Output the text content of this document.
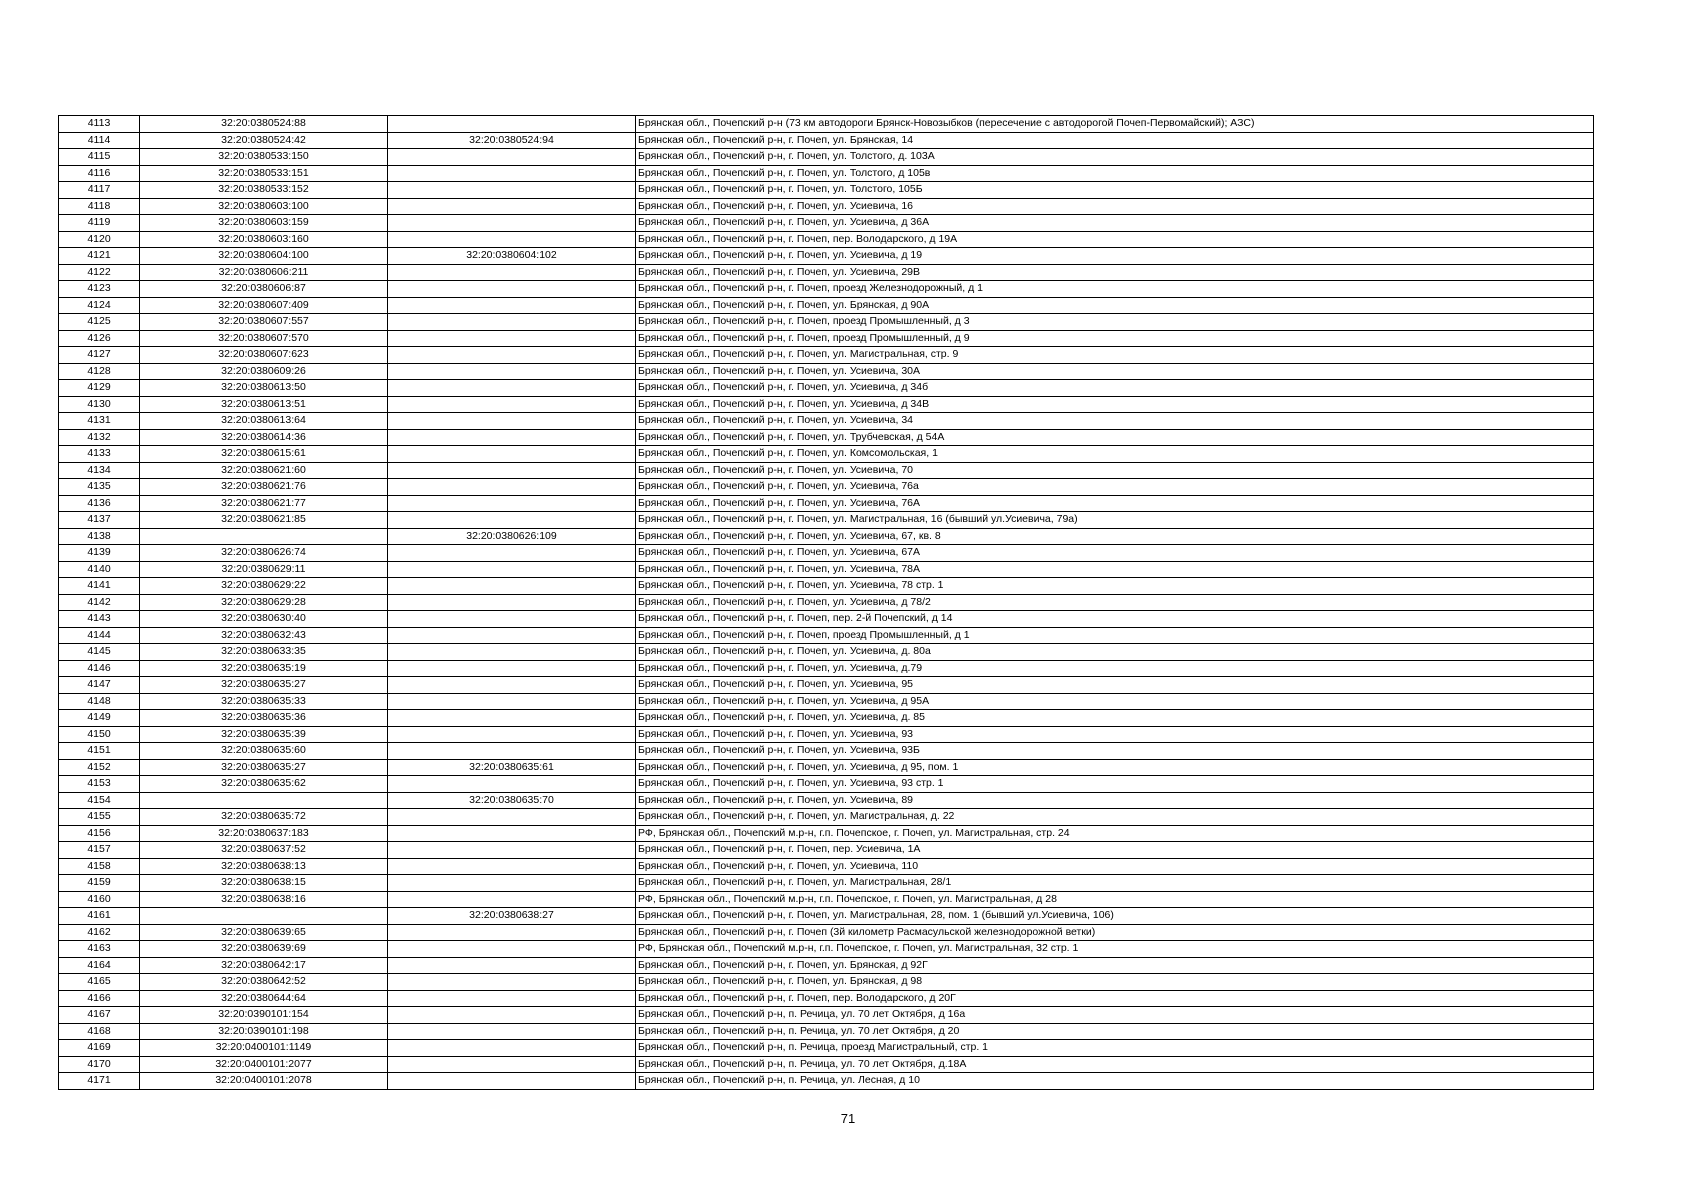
4113	32:20:0380524:88		Брянская обл., Почепский р-н (73 км автодороги Брянск-Новозыбков (пересечение с автодорогой Почеп-Первомайский); АЗС)
4114	32:20:0380524:42	32:20:0380524:94	Брянская обл., Почепский р-н, г. Почеп, ул. Брянская, 14
4115	32:20:0380533:150		Брянская обл., Почепский р-н, г. Почеп, ул. Толстого, д. 103А
4116	32:20:0380533:151		Брянская обл., Почепский р-н, г. Почеп, ул. Толстого, д 105в
4117	32:20:0380533:152		Брянская обл., Почепский р-н, г. Почеп, ул. Толстого, 105Б
4118	32:20:0380603:100		Брянская обл., Почепский р-н, г. Почеп, ул. Усиевича, 16
4119	32:20:0380603:159		Брянская обл., Почепский р-н, г. Почеп, ул. Усиевича, д 36А
4120	32:20:0380603:160		Брянская обл., Почепский р-н, г. Почеп, пер. Володарского, д 19А
4121	32:20:0380604:100	32:20:0380604:102	Брянская обл., Почепский р-н, г. Почеп, ул. Усиевича, д 19
4122	32:20:0380606:211		Брянская обл., Почепский р-н, г. Почеп, ул. Усиевича, 29В
4123	32:20:0380606:87		Брянская обл., Почепский р-н, г. Почеп, проезд Железнодорожный, д 1
4124	32:20:0380607:409		Брянская обл., Почепский р-н, г. Почеп, ул. Брянская, д 90А
4125	32:20:0380607:557		Брянская обл., Почепский р-н, г. Почеп, проезд Промышленный, д 3
4126	32:20:0380607:570		Брянская обл., Почепский р-н, г. Почеп, проезд Промышленный, д 9
4127	32:20:0380607:623		Брянская обл., Почепский р-н, г. Почеп, ул. Магистральная, стр. 9
4128	32:20:0380609:26		Брянская обл., Почепский р-н, г. Почеп, ул. Усиевича, 30А
4129	32:20:0380613:50		Брянская обл., Почепский р-н, г. Почеп, ул. Усиевича, д 34б
4130	32:20:0380613:51		Брянская обл., Почепский р-н, г. Почеп, ул. Усиевича, д 34В
4131	32:20:0380613:64		Брянская обл., Почепский р-н, г. Почеп, ул. Усиевича, 34
4132	32:20:0380614:36		Брянская обл., Почепский р-н, г. Почеп, ул. Трубчевская, д 54А
4133	32:20:0380615:61		Брянская обл., Почепский р-н, г. Почеп, ул. Комсомольская, 1
4134	32:20:0380621:60		Брянская обл., Почепский р-н, г. Почеп, ул. Усиевича, 70
4135	32:20:0380621:76		Брянская обл., Почепский р-н, г. Почеп, ул. Усиевича, 76а
4136	32:20:0380621:77		Брянская обл., Почепский р-н, г. Почеп, ул. Усиевича, 76А
4137	32:20:0380621:85		Брянская обл., Почепский р-н, г. Почеп, ул. Магистральная, 16 (бывший ул.Усиевича, 79а)
4138		32:20:0380626:109	Брянская обл., Почепский р-н, г. Почеп, ул. Усиевича, 67, кв. 8
4139	32:20:0380626:74		Брянская обл., Почепский р-н, г. Почеп, ул. Усиевича, 67А
4140	32:20:0380629:11		Брянская обл., Почепский р-н, г. Почеп, ул. Усиевича, 78А
4141	32:20:0380629:22		Брянская обл., Почепский р-н, г. Почеп, ул. Усиевича, 78 стр. 1
4142	32:20:0380629:28		Брянская обл., Почепский р-н, г. Почеп, ул. Усиевича, д 78/2
4143	32:20:0380630:40		Брянская обл., Почепский р-н, г. Почеп, пер. 2-й Почепский, д 14
4144	32:20:0380632:43		Брянская обл., Почепский р-н, г. Почеп, проезд Промышленный, д 1
4145	32:20:0380633:35		Брянская обл., Почепский р-н, г. Почеп, ул. Усиевича, д. 80а
4146	32:20:0380635:19		Брянская обл., Почепский р-н, г. Почеп, ул. Усиевича, д.79
4147	32:20:0380635:27		Брянская обл., Почепский р-н, г. Почеп, ул. Усиевича, 95
4148	32:20:0380635:33		Брянская обл., Почепский р-н, г. Почеп, ул. Усиевича, д 95А
4149	32:20:0380635:36		Брянская обл., Почепский р-н, г. Почеп, ул. Усиевича, д. 85
4150	32:20:0380635:39		Брянская обл., Почепский р-н, г. Почеп, ул. Усиевича, 93
4151	32:20:0380635:60		Брянская обл., Почепский р-н, г. Почеп, ул. Усиевича, 93Б
4152	32:20:0380635:27	32:20:0380635:61	Брянская обл., Почепский р-н, г. Почеп, ул. Усиевича, д 95, пом. 1
4153	32:20:0380635:62		Брянская обл., Почепский р-н, г. Почеп, ул. Усиевича, 93 стр. 1
4154		32:20:0380635:70	Брянская обл., Почепский р-н, г. Почеп, ул. Усиевича, 89
4155	32:20:0380635:72		Брянская обл., Почепский р-н, г. Почеп, ул. Магистральная, д. 22
4156	32:20:0380637:183		РФ, Брянская обл., Почепский м.р-н, г.п. Почепское, г. Почеп, ул. Магистральная, стр. 24
4157	32:20:0380637:52		Брянская обл., Почепский р-н, г. Почеп, пер. Усиевича, 1А
4158	32:20:0380638:13		Брянская обл., Почепский р-н, г. Почеп, ул. Усиевича, 110
4159	32:20:0380638:15		Брянская обл., Почепский р-н, г. Почеп, ул. Магистральная, 28/1
4160	32:20:0380638:16		РФ, Брянская обл., Почепский м.р-н, г.п. Почепское, г. Почеп, ул. Магистральная, д 28
4161		32:20:0380638:27	Брянская обл., Почепский р-н, г. Почеп, ул. Магистральная, 28, пом. 1 (бывший ул.Усиевича, 106)
4162	32:20:0380639:65		Брянская обл., Почепский р-н, г. Почеп (3й километр Расмасульской железнодорожной ветки)
4163	32:20:0380639:69		РФ, Брянская обл., Почепский м.р-н, г.п. Почепское, г. Почеп, ул. Магистральная, 32 стр. 1
4164	32:20:0380642:17		Брянская обл., Почепский р-н, г. Почеп, ул. Брянская, д 92Г
4165	32:20:0380642:52		Брянская обл., Почепский р-н, г. Почеп, ул. Брянская, д 98
4166	32:20:0380644:64		Брянская обл., Почепский р-н, г. Почеп, пер. Володарского, д 20Г
4167	32:20:0390101:154		Брянская обл., Почепский р-н, п. Речица, ул. 70 лет Октября, д 16а
4168	32:20:0390101:198		Брянская обл., Почепский р-н, п. Речица, ул. 70 лет Октября, д 20
4169	32:20:0400101:1149		Брянская обл., Почепский р-н, п. Речица, проезд Магистральный, стр. 1
4170	32:20:0400101:2077		Брянская обл., Почепский р-н, п. Речица, ул. 70 лет Октября, д.18А
4171	32:20:0400101:2078		Брянская обл., Почепский р-н, п. Речица, ул. Лесная, д 10
71
